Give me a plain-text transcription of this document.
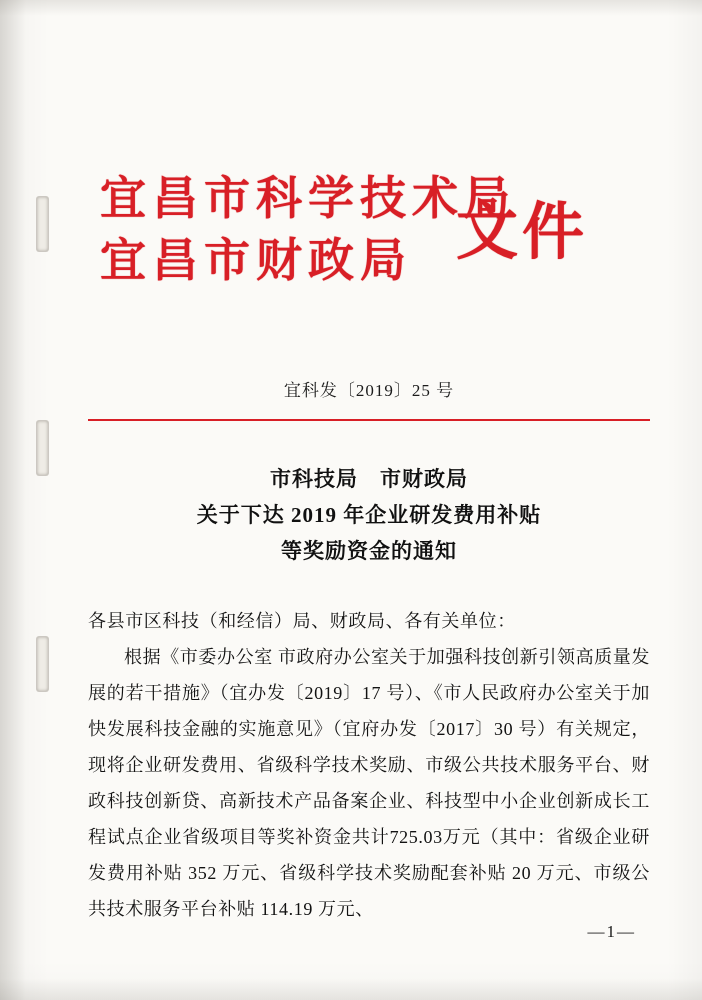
宜昌市科学技术局
宜昌市财政局 文件
宜科发〔2019〕25 号
市科技局 市财政局
关于下达 2019 年企业研发费用补贴
等奖励资金的通知

各县市区科技（和经信）局、财政局、各有关单位：

根据《市委办公室 市政府办公室关于加强科技创新引领高质量发展的若干措施》（宜办发〔2019〕17 号）、《市人民政府办公室关于加快发展科技金融的实施意见》（宜府办发〔2017〕30 号）有关规定，现将企业研发费用、省级科学技术奖励、市级公共技术服务平台、财政科技创新贷、高新技术产品备案企业、科技型中小企业创新成长工程试点企业省级项目等奖补资金共计725.03万元（其中：省级企业研发费用补贴 352 万元、省级科学技术奖励配套补贴 20 万元、市级公共技术服务平台补贴 114.19 万元、

—1—
